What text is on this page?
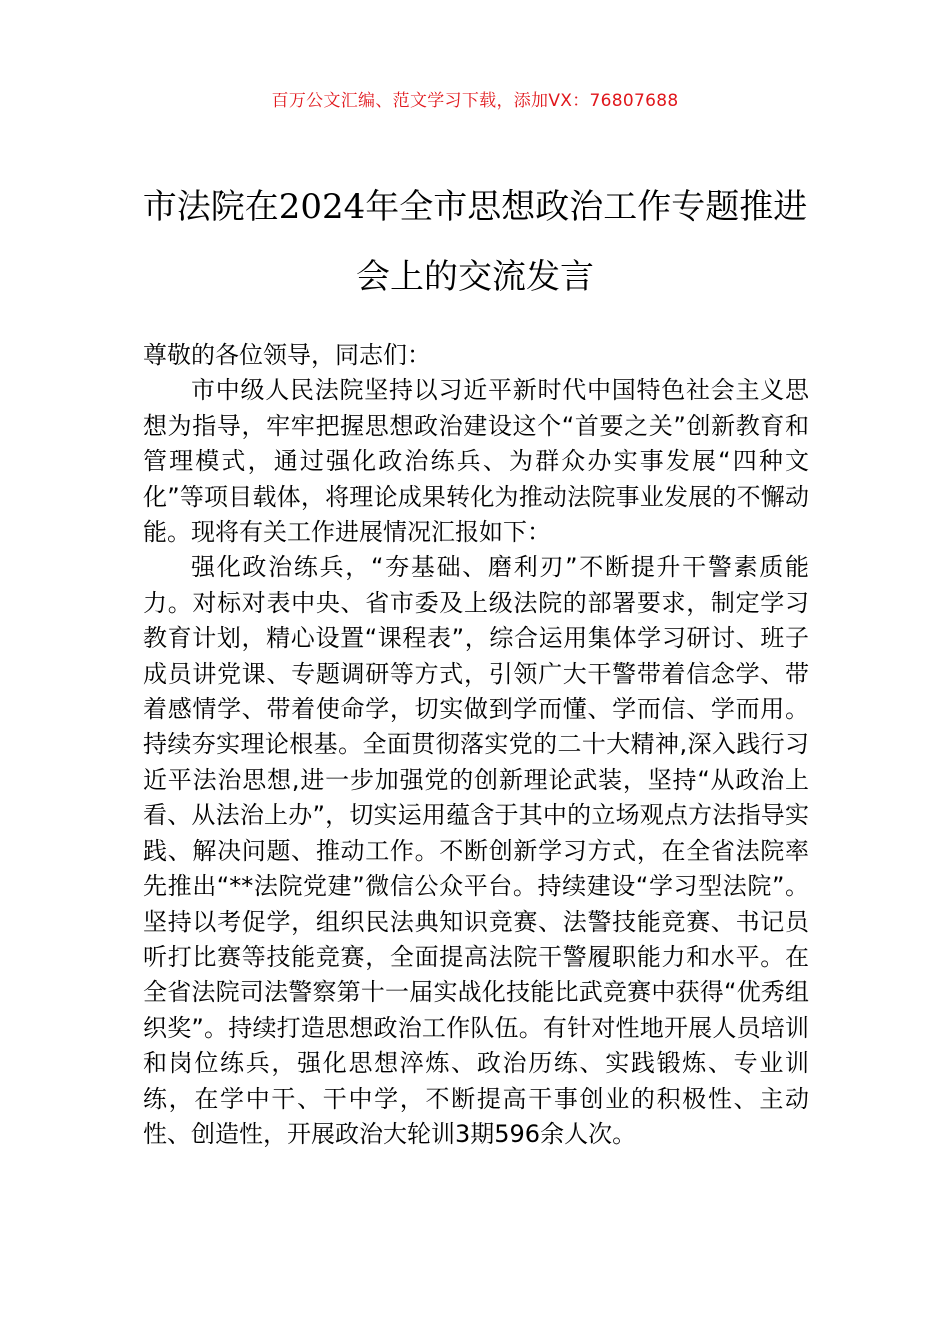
百万公文汇编、范文学习下载，添加VX：76807688
市法院在2024年全市思想政治工作专题推进会上的交流发言

尊敬的各位领导，同志们：

市中级人民法院坚持以习近平新时代中国特色社会主义思想为指导，牢牢把握思想政治建设这个“首要之关”创新教育和管理模式，通过强化政治练兵、为群众办实事发展“四种文化”等项目载体，将理论成果转化为推动法院事业发展的不懈动能。现将有关工作进展情况汇报如下：

强化政治练兵，“夯基础、磨利刃”不断提升干警素质能力。对标对表中央、省市委及上级法院的部署要求，制定学习教育计划，精心设置“课程表”，综合运用集体学习研讨、班子成员讲党课、专题调研等方式，引领广大干警带着信念学、带着感情学、带着使命学，切实做到学而懂、学而信、学而用。持续夯实理论根基。全面贯彻落实党的二十大精神,深入践行习近平法治思想,进一步加强党的创新理论武装，坚持“从政治上看、从法治上办”，切实运用蕴含于其中的立场观点方法指导实践、解决问题、推动工作。不断创新学习方式，在全省法院率先推出“**法院党建”微信公众平台。持续建设“学习型法院”。坚持以考促学，组织民法典知识竞赛、法警技能竞赛、书记员听打比赛等技能竞赛，全面提高法院干警履职能力和水平。在全省法院司法警察第十一届实战化技能比武竞赛中获得“优秀组织奖”。持续打造思想政治工作队伍。有针对性地开展人员培训和岗位练兵，强化思想淬炼、政治历练、实践锻炼、专业训练，在学中干、干中学，不断提高干事创业的积极性、主动性、创造性，开展政治大轮训3期596余人次。
